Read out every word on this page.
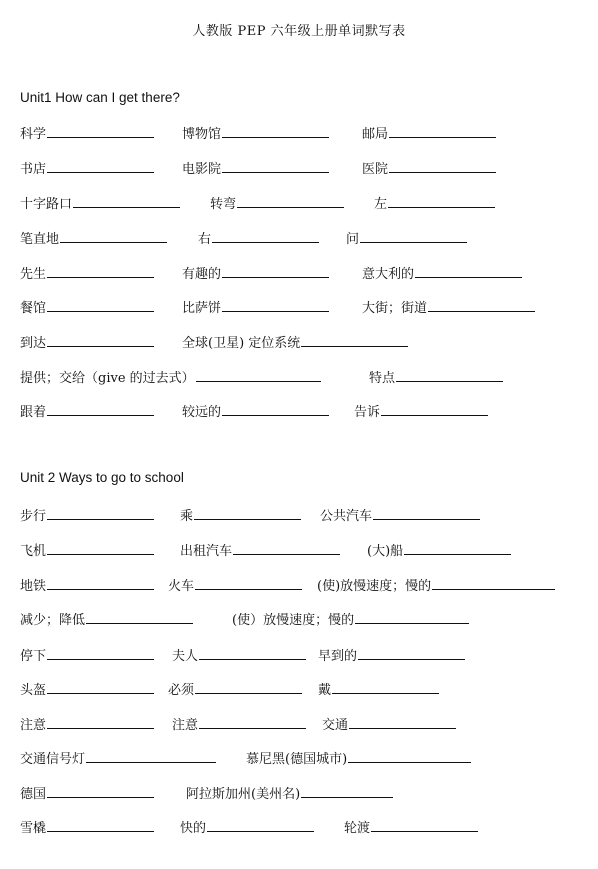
人教版 PEP 六年级上册单词默写表
Unit1 How can I get there?
科学	博物馆	邮局
书店	电影院	医院
十字路口	转弯	左
笔直地	右	问
先生	有趣的	意大利的
餐馆	比萨饼	大街；街道
到达	全球(卫星) 定位系统
提供；交给（give 的过去式）	特点
跟着	较远的	告诉
Unit 2 Ways to go to school
步行	乘	公共汽车
飞机	出租汽车	(大)船
地铁	火车	(使)放慢速度；慢的
减少；降低	(使）放慢速度；慢的
停下	夫人	早到的
头盔	必须	戴
注意	注意	交通
交通信号灯	慕尼黑(德国城市)
德国	阿拉斯加州(美州名)
雪橇	快的	轮渡
